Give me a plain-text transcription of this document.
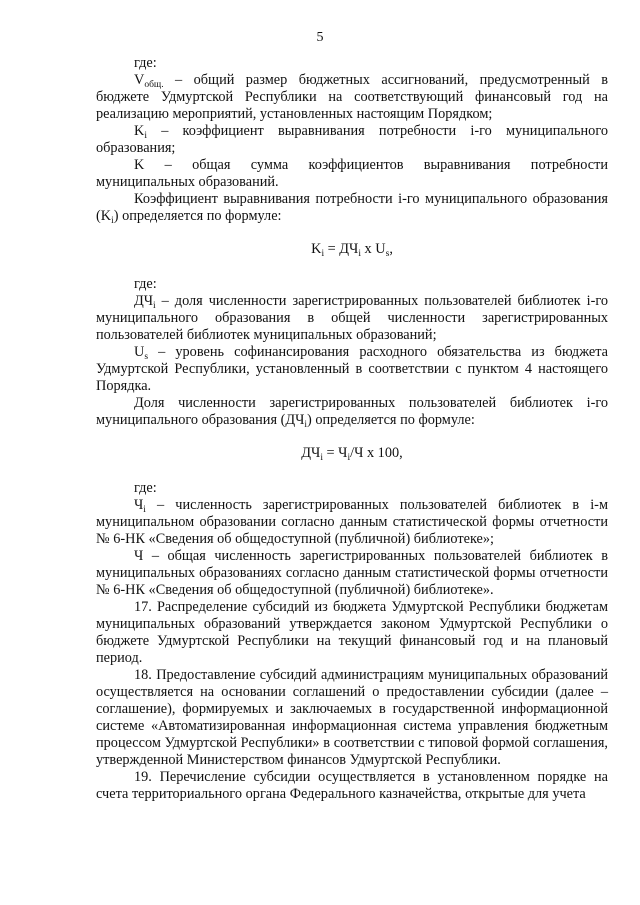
5

где:

$V_{общ.}$ – общий размер бюджетных ассигнований, предусмотренный в бюджете Удмуртской Республики на соответствующий финансовый год на реализацию мероприятий, установленных настоящим Порядком;

$K_i$ – коэффициент выравнивания потребности i-го муниципального образования;

K – общая сумма коэффициентов выравнивания потребности муниципальных образований.

Коэффициент выравнивания потребности i-го муниципального образования $(K_i)$ определяется по формуле:

$K_i = ДЧ_i$ x $U_s$,

где:

$ДЧ_i$ – доля численности зарегистрированных пользователей библиотек i-го муниципального образования в общей численности зарегистрированных пользователей библиотек муниципальных образований;

$U_s$ – уровень софинансирования расходного обязательства из бюджета Удмуртской Республики, установленный в соответствии с пунктом 4 настоящего Порядка.

Доля численности зарегистрированных пользователей библиотек i-го муниципального образования $(ДЧ_i)$ определяется по формуле:

$ДЧ_i = Ч_i/Ч$ х 100,

где:

$Ч_i$ – численность зарегистрированных пользователей библиотек в i-м муниципальном образовании согласно данным статистической формы отчетности № 6-НК «Сведения об общедоступной (публичной) библиотеке»;

Ч – общая численность зарегистрированных пользователей библиотек в муниципальных образованиях согласно данным статистической формы отчетности № 6-НК «Сведения об общедоступной (публичной) библиотеке».

17. Распределение субсидий из бюджета Удмуртской Республики бюджетам муниципальных образований утверждается законом Удмуртской Республики о бюджете Удмуртской Республики на текущий финансовый год и на плановый период.

18. Предоставление субсидий администрациям муниципальных образований осуществляется на основании соглашений о предоставлении субсидии (далее – соглашение), формируемых и заключаемых в государственной информационной системе «Автоматизированная информационная система управления бюджетным процессом Удмуртской Республики» в соответствии с типовой формой соглашения, утвержденной Министерством финансов Удмуртской Республики.

19. Перечисление субсидии осуществляется в установленном порядке на счета территориального органа Федерального казначейства, открытые для учета
